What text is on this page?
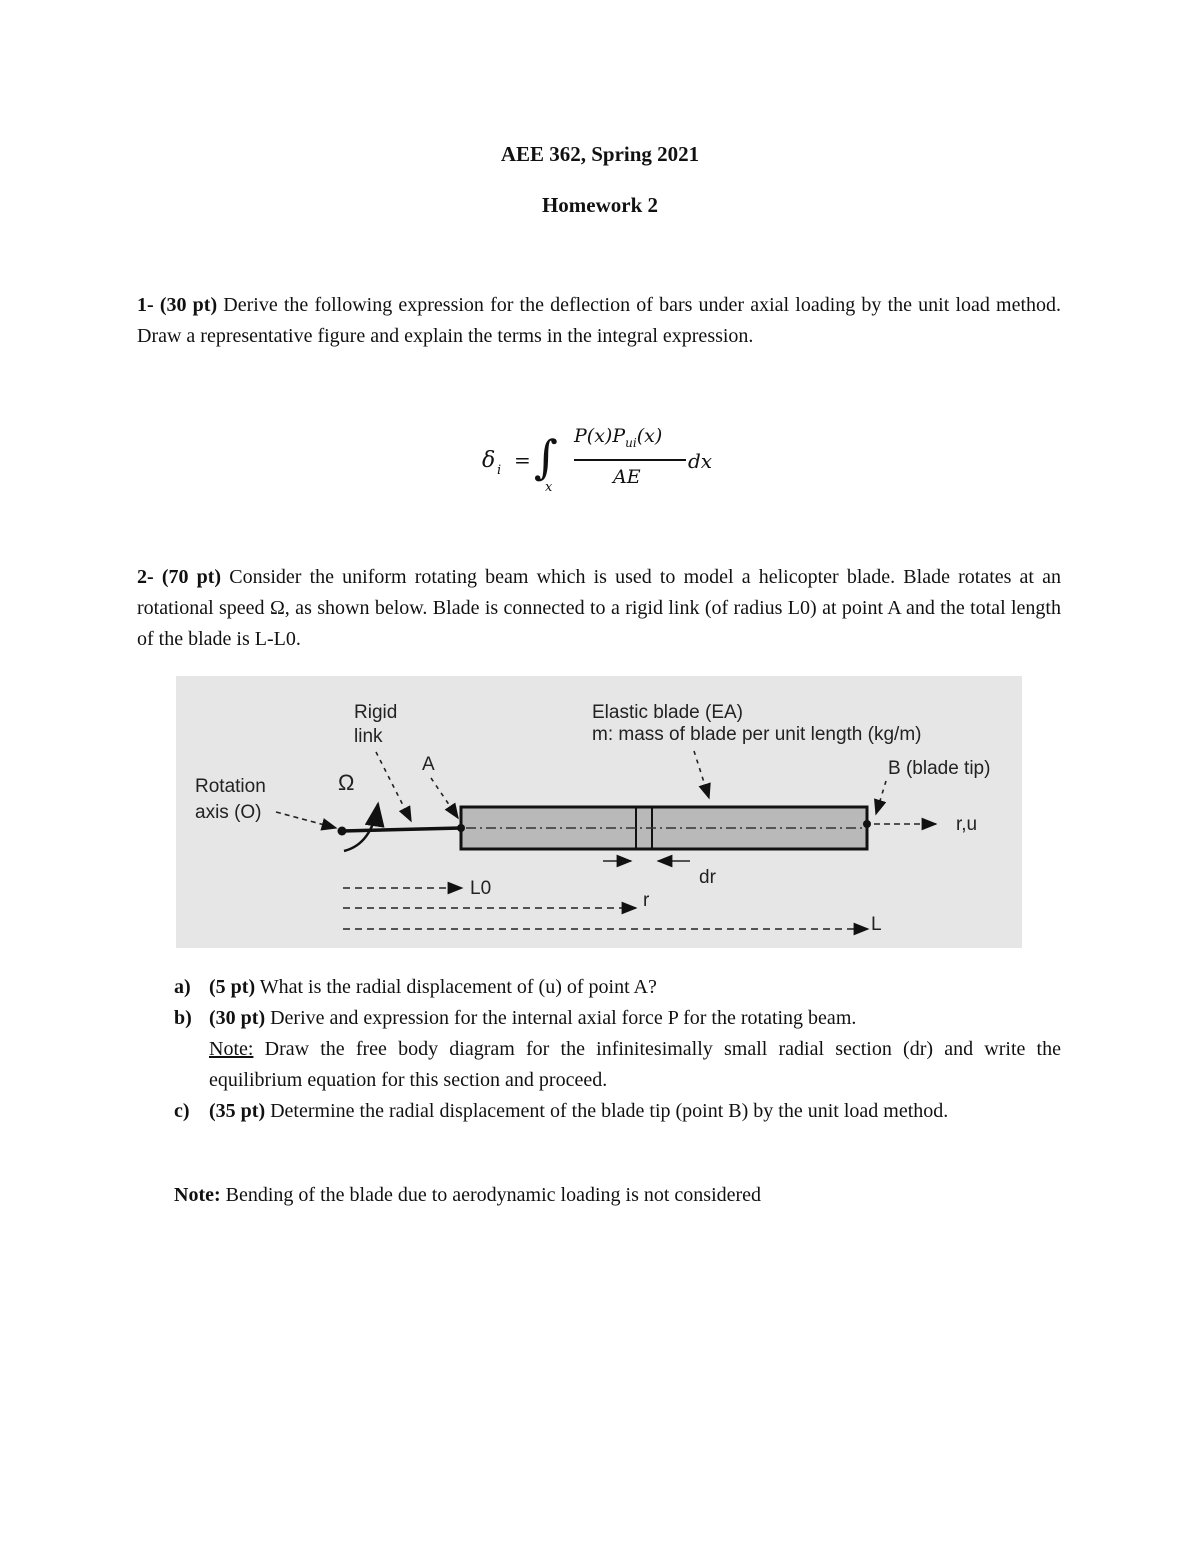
AEE 362, Spring 2021
Homework 2
1- (30 pt) Derive the following expression for the deflection of bars under axial loading by the unit load method. Draw a representative figure and explain the terms in the integral expression.
δ i = ∫
x
$P(x)P_{ui}(x)$
AE
dx
2- (70 pt) Consider the uniform rotating beam which is used to model a helicopter blade. Blade rotates at an rotational speed Ω, as shown below. Blade is connected to a rigid link (of radius L0) at point A and the total length of the blade is L-L0.
Rigid
link
Elastic blade (EA)
m: mass of blade per unit length (kg/m)
A	B (blade tip)
Rotation
axis (O)
Ω
r,u
dr
L0
r
L
a) (5 pt) What is the radial displacement of (u) of point A?
b) (30 pt) Derive and expression for the internal axial force P for the rotating beam.
Note: Draw the free body diagram for the infinitesimally small radial section (dr) and write the equilibrium equation for this section and proceed.
c) (35 pt) Determine the radial displacement of the blade tip (point B) by the unit load method.
Note: Bending of the blade due to aerodynamic loading is not considered
